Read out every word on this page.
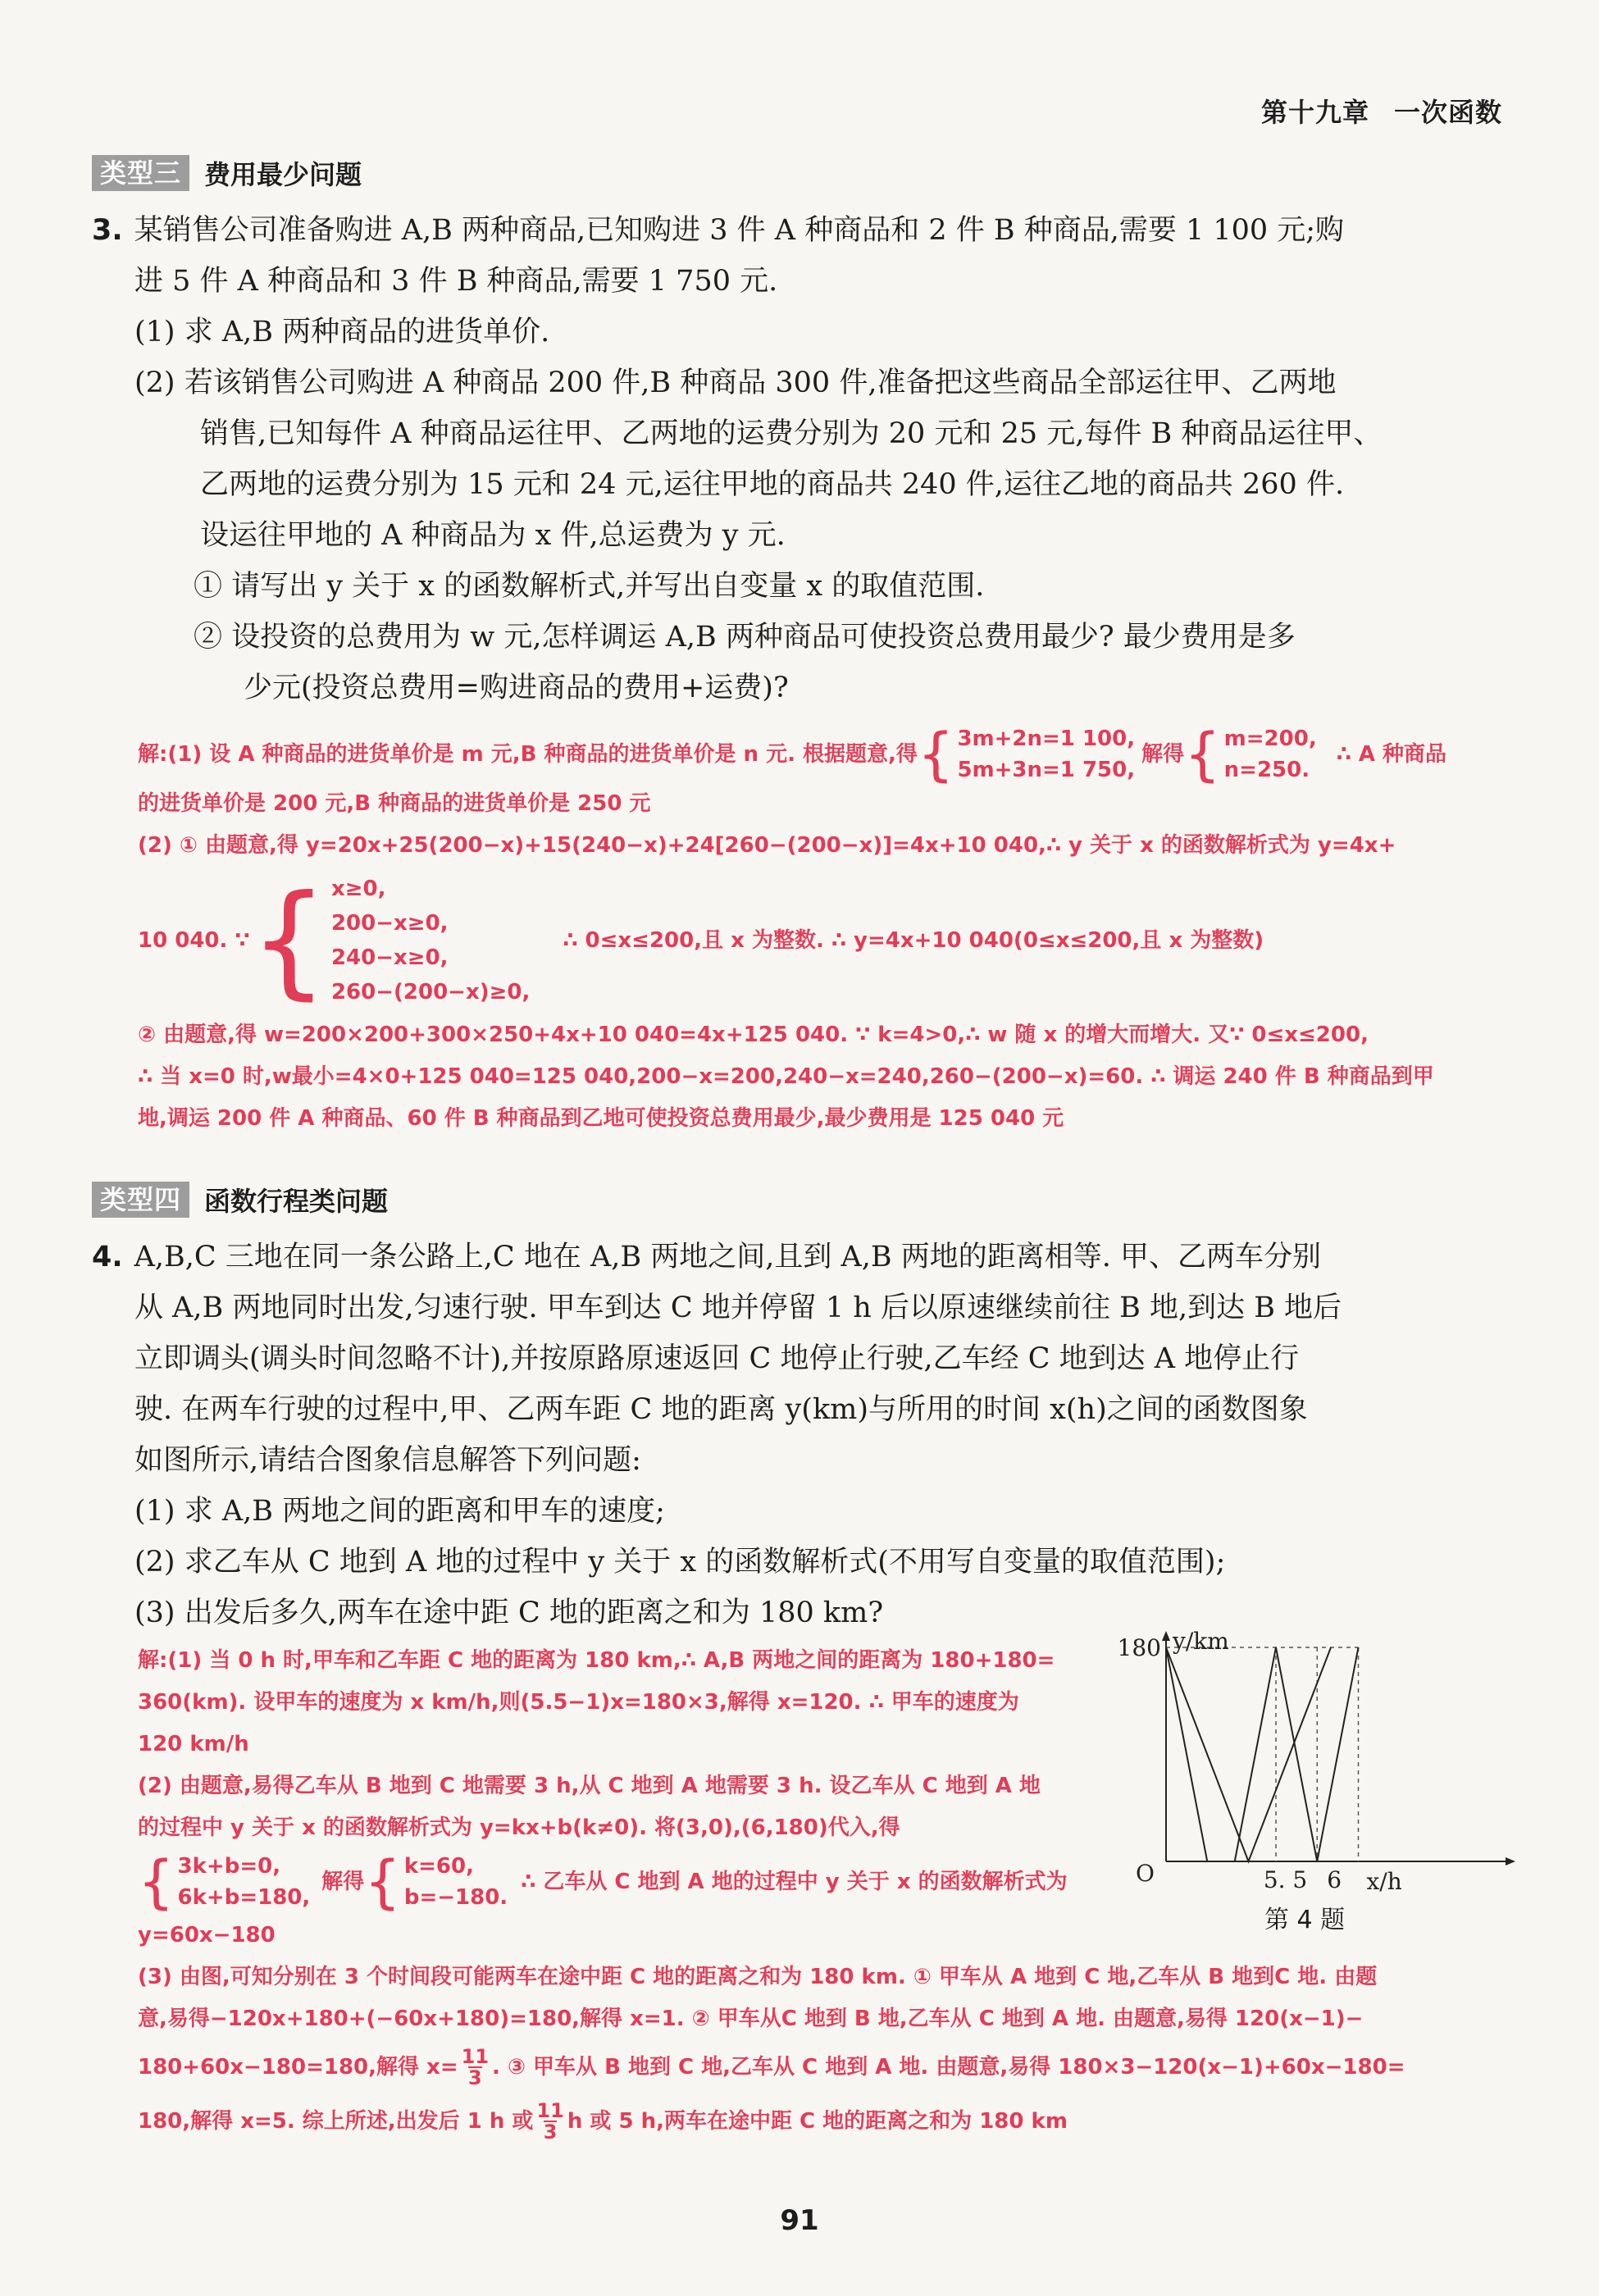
第十九章 一次函数
类型三 费用最少问题
3. 某销售公司准备购进 A,B 两种商品,已知购进 3 件 A 种商品和 2 件 B 种商品,需要 1 100 元;购
进 5 件 A 种商品和 3 件 B 种商品,需要 1 750 元.
(1) 求 A,B 两种商品的进货单价.
(2) 若该销售公司购进 A 种商品 200 件,B 种商品 300 件,准备把这些商品全部运往甲、乙两地
销售,已知每件 A 种商品运往甲、乙两地的运费分别为 20 元和 25 元,每件 B 种商品运往甲、
乙两地的运费分别为 15 元和 24 元,运往甲地的商品共 240 件,运往乙地的商品共 260 件.
设运往甲地的 A 种商品为 x 件,总运费为 y 元.
① 请写出 y 关于 x 的函数解析式,并写出自变量 x 的取值范围.
② 设投资的总费用为 w 元,怎样调运 A,B 两种商品可使投资总费用最少? 最少费用是多
少元(投资总费用=购进商品的费用+运费)?
解:(1) 设 A 种商品的进货单价是 m 元,B 种商品的进货单价是 n 元. 根据题意,得 { 3m+2n=1 100,
5m+3n=1 750,
解得 { m=200,
n=250.
∴ A 种商品
的进货单价是 200 元,B 种商品的进货单价是 250 元
(2) ① 由题意,得 y=20x+25(200−x)+15(240−x)+24[260−(200−x)]=4x+10 040,∴ y 关于 x 的函数解析式为 y=4x+
10 040. ∵ { x≥0,
200−x≥0,
240−x≥0,
260−(200−x)≥0,
∴ 0≤x≤200,且 x 为整数. ∴ y=4x+10 040(0≤x≤200,且 x 为整数)
② 由题意,得 w=200×200+300×250+4x+10 040=4x+125 040. ∵ k=4>0,∴ w 随 x 的增大而增大. 又∵ 0≤x≤200,
∴ 当 x=0 时,w最小=4×0+125 040=125 040,200−x=200,240−x=240,260−(200−x)=60. ∴ 调运 240 件 B 种商品到甲
地,调运 200 件 A 种商品、60 件 B 种商品到乙地可使投资总费用最少,最少费用是 125 040 元
类型四 函数行程类问题
4. A,B,C 三地在同一条公路上,C 地在 A,B 两地之间,且到 A,B 两地的距离相等. 甲、乙两车分别
从 A,B 两地同时出发,匀速行驶. 甲车到达 C 地并停留 1 h 后以原速继续前往 B 地,到达 B 地后
立即调头(调头时间忽略不计),并按原路原速返回 C 地停止行驶,乙车经 C 地到达 A 地停止行
驶. 在两车行驶的过程中,甲、乙两车距 C 地的距离 y(km)与所用的时间 x(h)之间的函数图象
如图所示,请结合图象信息解答下列问题:
(1) 求 A,B 两地之间的距离和甲车的速度;
(2) 求乙车从 C 地到 A 地的过程中 y 关于 x 的函数解析式(不用写自变量的取值范围);
(3) 出发后多久,两车在途中距 C 地的距离之和为 180 km?
解:(1) 当 0 h 时,甲车和乙车距 C 地的距离为 180 km,∴ A,B 两地之间的距离为 180+180=
360(km). 设甲车的速度为 x km/h,则(5.5−1)x=180×3,解得 x=120. ∴ 甲车的速度为
120 km/h
(2) 由题意,易得乙车从 B 地到 C 地需要 3 h,从 C 地到 A 地需要 3 h. 设乙车从 C 地到 A 地
的过程中 y 关于 x 的函数解析式为 y=kx+b(k≠0). 将(3,0),(6,180)代入,得
{ 3k+b=0,
6k+b=180,
解得 { k=60,
b=−180.
∴ 乙车从 C 地到 A 地的过程中 y 关于 x 的函数解析式为
y=60x−180
(3) 由图,可知分别在 3 个时间段可能两车在途中距 C 地的距离之和为 180 km. ① 甲车从 A 地到 C 地,乙车从 B 地到C 地. 由题
意,易得−120x+180+(−60x+180)=180,解得 x=1. ② 甲车从C 地到 B 地,乙车从 C 地到 A 地. 由题意,易得 120(x−1)−
180+60x−180=180,解得 $x= \frac{11}{3}$ . ③ 甲车从 B 地到 C 地,乙车从 C 地到 A 地. 由题意,易得 180×3−120(x−1)+60x−180=
180,解得 x=5. 综上所述,出发后 1 h 或 $\frac{11}{3}$ h 或 5 h,两车在途中距 C 地的距离之和为 180 km
y/km
180
O	5. 5 6 x/h
第 4 题
91
